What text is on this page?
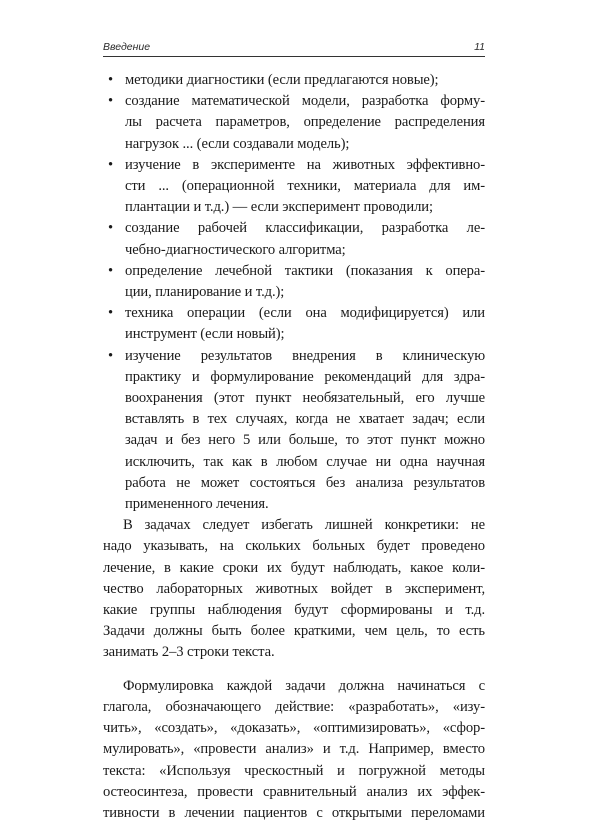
Введение	11
• методики диагностики (если предлагаются новые);
• создание математической модели, разработка форму-
лы расчета параметров, определение распределения
нагрузок ... (если создавали модель);
• изучение в эксперименте на животных эффективно-
сти ... (операционной техники, материала для им-
плантации и т.д.) — если эксперимент проводили;
• создание рабочей классификации, разработка ле-
чебно-диагностического алгоритма;
• определение лечебной тактики (показания к опера-
ции, планирование и т.д.);
• техника операции (если она модифицируется) или
инструмент (если новый);
• изучение результатов внедрения в клиническую
практику и формулирование рекомендаций для здра-
воохранения (этот пункт необязательный, его лучше
вставлять в тех случаях, когда не хватает задач; если
задач и без него 5 или больше, то этот пункт можно
исключить, так как в любом случае ни одна научная
работа не может состояться без анализа результатов
примененного лечения.

В задачах следует избегать лишней конкретики: не
надо указывать, на скольких больных будет проведено
лечение, в какие сроки их будут наблюдать, какое коли-
чество лабораторных животных войдет в эксперимент,
какие группы наблюдения будут сформированы и т.д.
Задачи должны быть более краткими, чем цель, то есть
занимать 2–3 строки текста.

Формулировка каждой задачи должна начинаться с
глагола, обозначающего действие: «разработать», «изу-
чить», «создать», «доказать», «оптимизировать», «сфор-
мулировать», «провести анализ» и т.д. Например, вместо
текста: «Используя чрескостный и погружной методы
остеосинтеза, провести сравнительный анализ их эффек-
тивности в лечении пациентов с открытыми переломами
